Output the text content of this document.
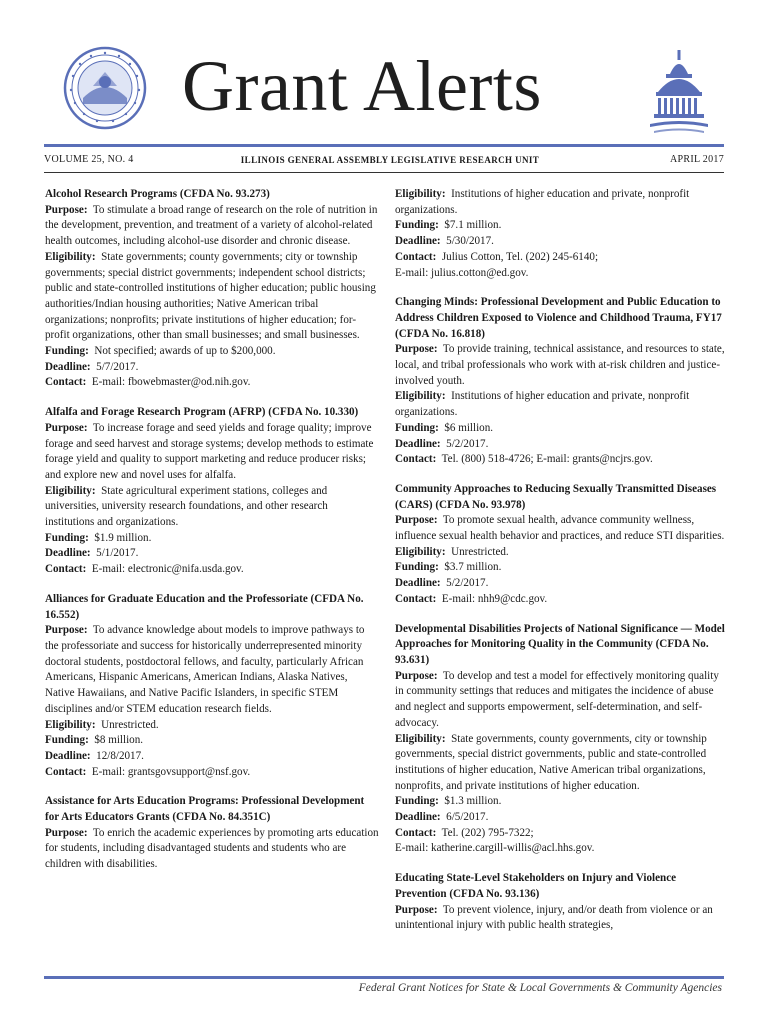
Grant Alerts
VOLUME 25, NO. 4	ILLINOIS GENERAL ASSEMBLY LEGISLATIVE RESEARCH UNIT	APRIL 2017
Alcohol Research Programs (CFDA No. 93.273)
Purpose: To stimulate a broad range of research on the role of nutrition in the development, prevention, and treatment of a variety of alcohol-related health outcomes, including alcohol-use disorder and chronic disease.
Eligibility: State governments; county governments; city or township governments; special district governments; independent school districts; public and state-controlled institutions of higher education; public housing authorities/Indian housing authorities; Native American tribal organizations; nonprofits; private institutions of higher education; for-profit organizations, other than small businesses; and small businesses.
Funding: Not specified; awards of up to $200,000.
Deadline: 5/7/2017.
Contact: E-mail: fbowebmaster@od.nih.gov.
Alfalfa and Forage Research Program (AFRP) (CFDA No. 10.330)
Purpose: To increase forage and seed yields and forage quality; improve forage and seed harvest and storage systems; develop methods to estimate forage yield and quality to support marketing and reduce producer risks; and explore new and novel uses for alfalfa.
Eligibility: State agricultural experiment stations, colleges and universities, university research foundations, and other research institutions and organizations.
Funding: $1.9 million.
Deadline: 5/1/2017.
Contact: E-mail: electronic@nifa.usda.gov.
Alliances for Graduate Education and the Professoriate (CFDA No. 16.552)
Purpose: To advance knowledge about models to improve pathways to the professoriate and success for historically underrepresented minority doctoral students, postdoctoral fellows, and faculty, particularly African Americans, Hispanic Americans, American Indians, Alaska Natives, Native Hawaiians, and Native Pacific Islanders, in specific STEM disciplines and/or STEM education research fields.
Eligibility: Unrestricted.
Funding: $8 million.
Deadline: 12/8/2017.
Contact: E-mail: grantsgovsupport@nsf.gov.
Assistance for Arts Education Programs: Professional Development for Arts Educators Grants (CFDA No. 84.351C)
Purpose: To enrich the academic experiences by promoting arts education for students, including disadvantaged students and students who are children with disabilities.
Eligibility: Institutions of higher education and private, nonprofit organizations.
Funding: $7.1 million.
Deadline: 5/30/2017.
Contact: Julius Cotton, Tel. (202) 245-6140;
E-mail: julius.cotton@ed.gov.
Changing Minds: Professional Development and Public Education to Address Children Exposed to Violence and Childhood Trauma, FY17 (CFDA No. 16.818)
Purpose: To provide training, technical assistance, and resources to state, local, and tribal professionals who work with at-risk children and justice-involved youth.
Eligibility: Institutions of higher education and private, nonprofit organizations.
Funding: $6 million.
Deadline: 5/2/2017.
Contact: Tel. (800) 518-4726; E-mail: grants@ncjrs.gov.
Community Approaches to Reducing Sexually Transmitted Diseases (CARS) (CFDA No. 93.978)
Purpose: To promote sexual health, advance community wellness, influence sexual health behavior and practices, and reduce STI disparities.
Eligibility: Unrestricted.
Funding: $3.7 million.
Deadline: 5/2/2017.
Contact: E-mail: nhh9@cdc.gov.
Developmental Disabilities Projects of National Significance — Model Approaches for Monitoring Quality in the Community (CFDA No. 93.631)
Purpose: To develop and test a model for effectively monitoring quality in community settings that reduces and mitigates the incidence of abuse and neglect and supports empowerment, self-determination, and self-advocacy.
Eligibility: State governments, county governments, city or township governments, special district governments, public and state-controlled institutions of higher education, Native American tribal organizations, nonprofits, and private institutions of higher education.
Funding: $1.3 million.
Deadline: 6/5/2017.
Contact: Tel. (202) 795-7322;
E-mail: katherine.cargill-willis@acl.hhs.gov.
Educating State-Level Stakeholders on Injury and Violence Prevention (CFDA No. 93.136)
Purpose: To prevent violence, injury, and/or death from violence or an unintentional injury with public health strategies,
Federal Grant Notices for State & Local Governments & Community Agencies
